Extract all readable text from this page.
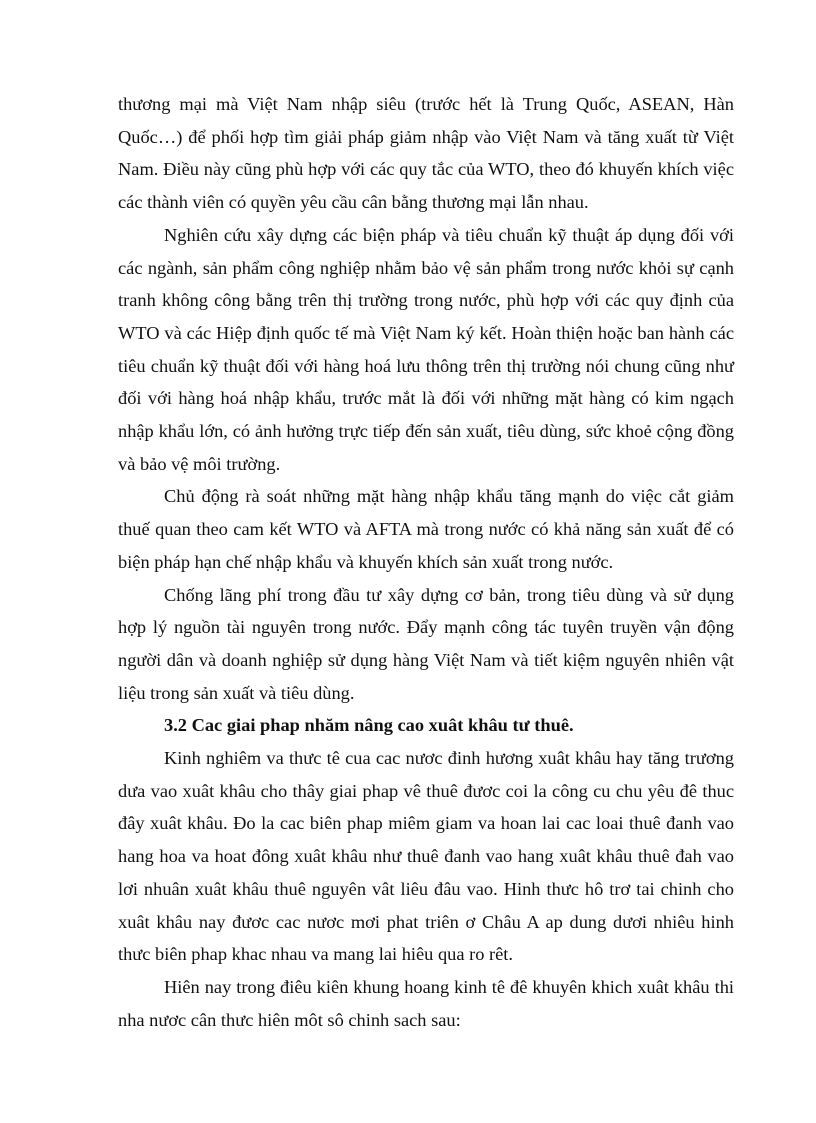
thương mại mà Việt Nam nhập siêu (trước hết là Trung Quốc, ASEAN, Hàn Quốc…) để phối hợp tìm giải pháp giảm nhập vào Việt Nam và tăng xuất từ Việt Nam. Điều này cũng phù hợp với các quy tắc của WTO, theo đó khuyến khích việc các thành viên có quyền yêu cầu cân bằng thương mại lẫn nhau.

Nghiên cứu xây dựng các biện pháp và tiêu chuẩn kỹ thuật áp dụng đối với các ngành, sản phẩm công nghiệp nhằm bảo vệ sản phẩm trong nước khỏi sự cạnh tranh không công bằng trên thị trường trong nước, phù hợp với các quy định của WTO và các Hiệp định quốc tế mà Việt Nam ký kết. Hoàn thiện hoặc ban hành các tiêu chuẩn kỹ thuật đối với hàng hoá lưu thông trên thị trường nói chung cũng như đối với hàng hoá nhập khẩu, trước mắt là đối với những mặt hàng có kim ngạch nhập khẩu lớn, có ảnh hưởng trực tiếp đến sản xuất, tiêu dùng, sức khoẻ cộng đồng và bảo vệ môi trường.

Chủ động rà soát những mặt hàng nhập khẩu tăng mạnh do việc cắt giảm thuế quan theo cam kết WTO và AFTA mà trong nước có khả năng sản xuất để có biện pháp hạn chế nhập khẩu và khuyến khích sản xuất trong nước.

Chống lãng phí trong đầu tư xây dựng cơ bản, trong tiêu dùng và sử dụng hợp lý nguồn tài nguyên trong nước. Đẩy mạnh công tác tuyên truyền vận động người dân và doanh nghiệp sử dụng hàng Việt Nam và tiết kiệm nguyên nhiên vật liệu trong sản xuất và tiêu dùng.

3.2 Cac giai phap nhăm nâng cao xuât khâu tư thuê.

Kinh nghiêm va thưc tê cua cac nươc đinh hương xuât khâu hay tăng trương dưa vao xuât khâu cho thây giai phap vê thuê đươc coi la công cu chu yêu đê thuc đây xuât khâu. Đo la cac biên phap miêm giam va hoan lai cac loai thuê đanh vao hang hoa va hoat đông xuât khâu như thuê đanh vao hang xuât khâu thuê đah vao lơi nhuân xuât khâu thuê nguyên vât liêu đâu vao. Hinh thưc hô trơ tai chinh cho xuât khâu nay đươc cac nươc mơi phat triên ơ Châu A ap dung dươi nhiêu hinh thưc biên phap khac nhau va mang lai hiêu qua ro rêt.

Hiên nay trong điêu kiên khung hoang kinh tê đê khuyên khich xuât khâu thi nha nươc cân thưc hiên môt sô chinh sach sau:
